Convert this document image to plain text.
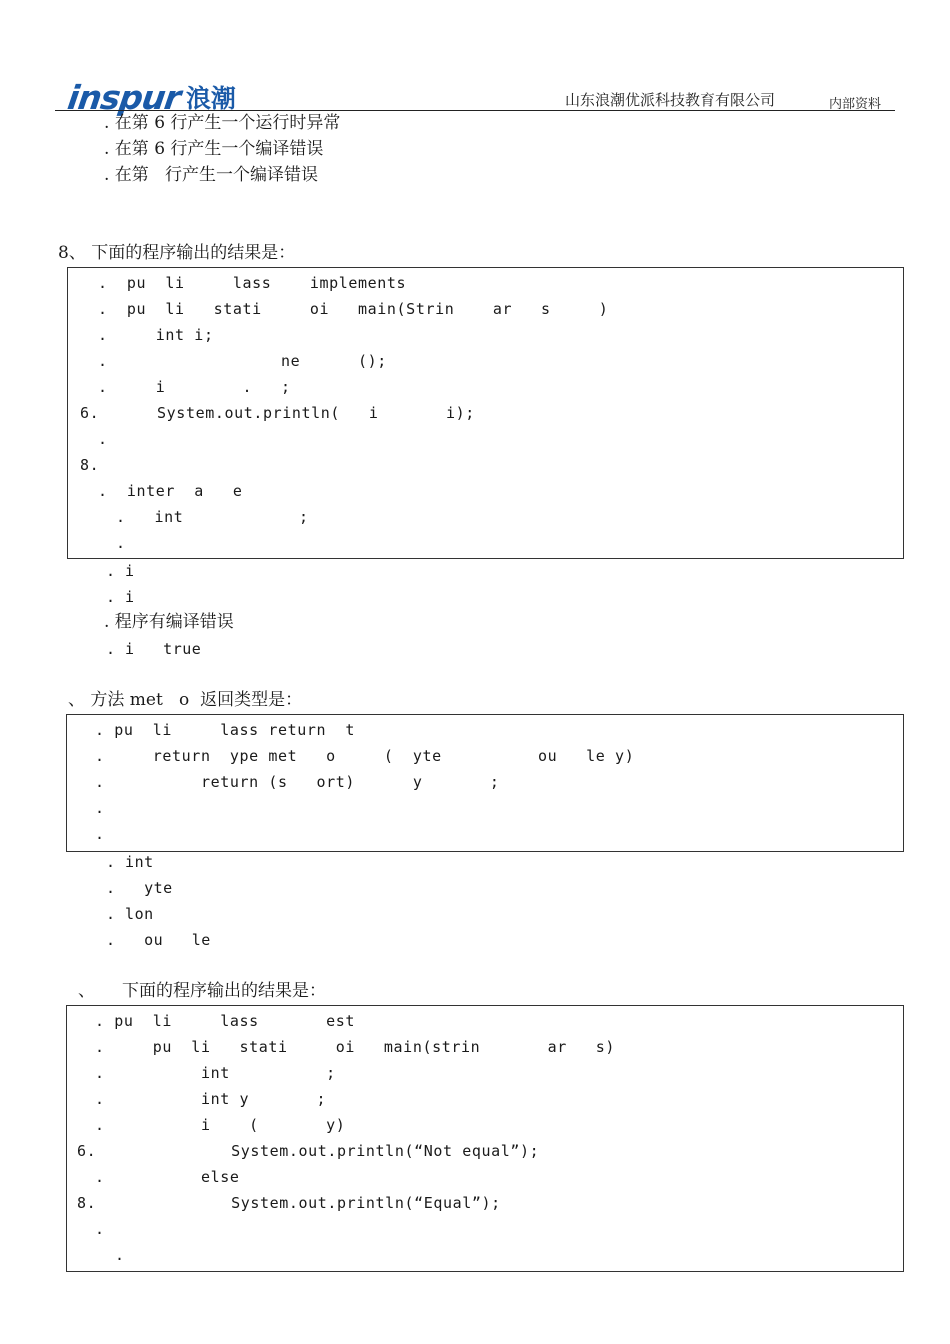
inspur 浪潮	山东浪潮优派科技教育有限公司	内部资料
. 在第 6 行产生一个运行时异常
. 在第 6 行产生一个编译错误
. 在第   行产生一个编译错误
8、 下面的程序输出的结果是：
.  pu  li     lass    implements
.  pu  li   stati     oi   main(Strin    ar   s     )
.     int i;
.                  ne      ();
.     i        .   ;
6.      System.out.println(   i       i);
.
8.
.  inter  a   e
.   int            ;
.
. i
. i
. 程序有编译错误
. i   true
、 方法 met   o  返回类型是：
. pu  li     lass return  t
.     return  ype met   o     (  yte          ou   le y)
.          return (s   ort)      y       ;
.
.
. int
.   yte
. lon
.   ou   le
、     下面的程序输出的结果是：
. pu  li     lass       est
.     pu  li   stati     oi   main(strin       ar   s)
.          int          ;
.          int y       ;
.          i    (       y)
6.              System.out.println(“Not equal”);
.          else
8.              System.out.println(“Equal”);
.
.
